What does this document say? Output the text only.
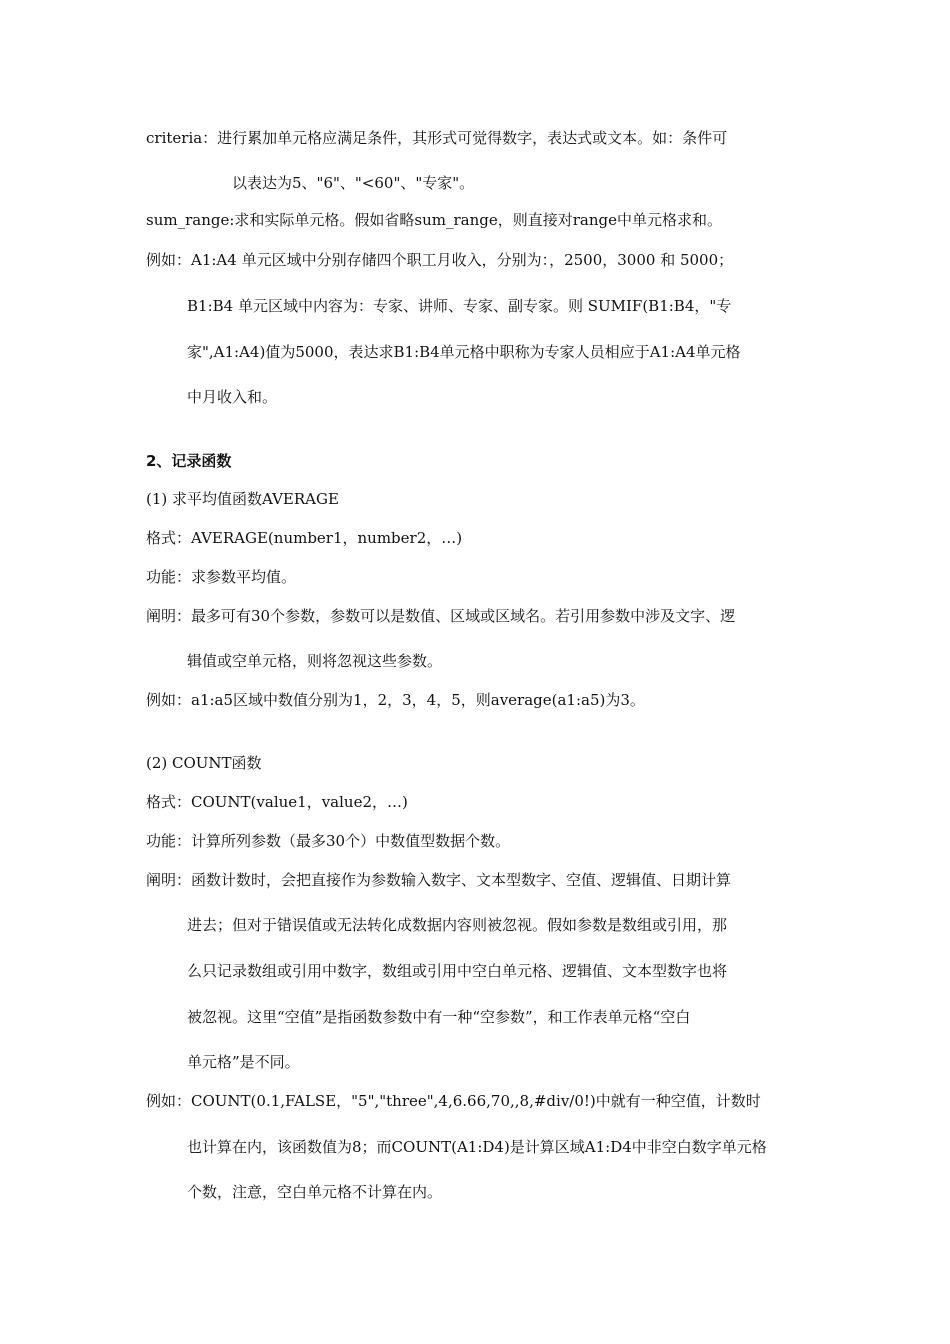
criteria：进行累加单元格应满足条件，其形式可觉得数字，表达式或文本。如：条件可
以表达为5、"6"、"<60"、"专家"。
sum_range:求和实际单元格。假如省略sum_range，则直接对range中单元格求和。
例如：A1:A4 单元区域中分别存储四个职工月收入，分别为：，2500，3000 和 5000；
B1:B4 单元区域中内容为：专家、讲师、专家、副专家。则 SUMIF(B1:B4，"专
家",A1:A4)值为5000，表达求B1:B4单元格中职称为专家人员相应于A1:A4单元格
中月收入和。
2、记录函数
(1) 求平均值函数AVERAGE
格式：AVERAGE(number1，number2，…)
功能：求参数平均值。
阐明：最多可有30个参数，参数可以是数值、区域或区域名。若引用参数中涉及文字、逻
辑值或空单元格，则将忽视这些参数。
例如：a1:a5区域中数值分别为1，2，3，4，5，则average(a1:a5)为3。
(2) COUNT函数
格式：COUNT(value1，value2，…)
功能：计算所列参数（最多30个）中数值型数据个数。
阐明：函数计数时，会把直接作为参数输入数字、文本型数字、空值、逻辑值、日期计算
进去；但对于错误值或无法转化成数据内容则被忽视。假如参数是数组或引用，那
么只记录数组或引用中数字，数组或引用中空白单元格、逻辑值、文本型数字也将
被忽视。这里“空值”是指函数参数中有一种“空参数”，和工作表单元格“空白
单元格”是不同。
例如：COUNT(0.1,FALSE，"5","three",4,6.66,70,,8,#div/0!)中就有一种空值，计数时
也计算在内，该函数值为8；而COUNT(A1:D4)是计算区域A1:D4中非空白数字单元格
个数，注意，空白单元格不计算在内。
